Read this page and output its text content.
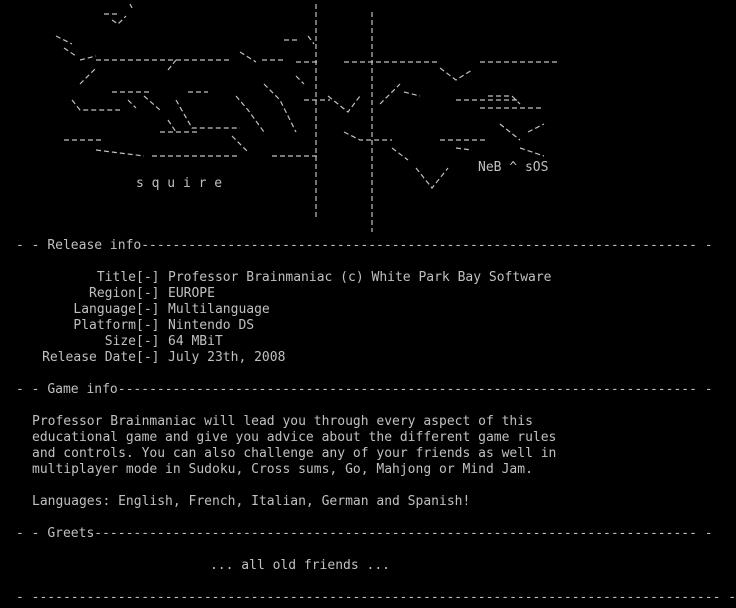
s q u i r e
NeB ^ sOS
- - Release info----------------------------------------------------------------------- -
Title [-] Professor Brainmaniac (c) White Park Bay Software
Region [-] EUROPE
Language [-] Multilanguage
Platform [-] Nintendo DS
Size [-] 64 MBiT
Release Date [-] July 23th, 2008
- - Game info-------------------------------------------------------------------------- -
Professor Brainmaniac will lead you through every aspect of this
educational game and give you advice about the different game rules
and controls. You can also challenge any of your friends as well in
multiplayer mode in Sudoku, Cross sums, Go, Mahjong or Mind Jam.
Languages: English, French, Italian, German and Spanish!
- - Greets----------------------------------------------------------------------------- -
... all old friends ...
- ---------------------------------------------------------------------------------------- -
